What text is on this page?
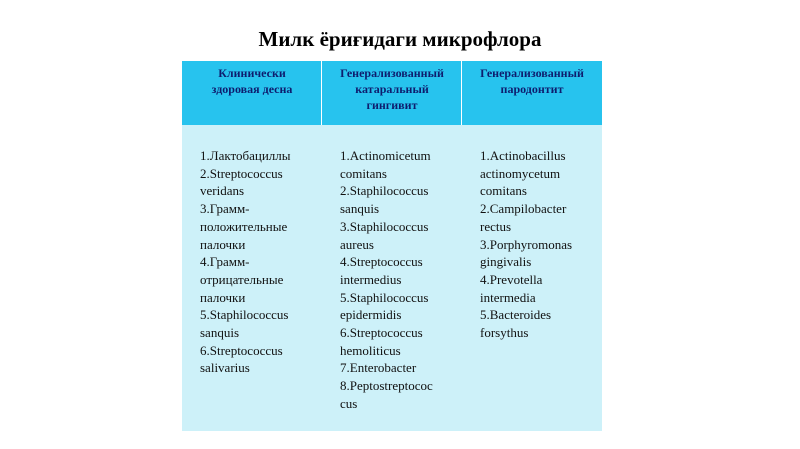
Милк ёриғидаги микрофлора
Клинически
здоровая десна
Генерализованный
катаральный
гингивит
Генерализованный
пародонтит
1.Лактобациллы
2.Streptococcus
veridans
3.Грамм-
положительные
палочки
4.Грамм-
отрицательные
палочки
5.Staphilococcus
sanquis
6.Streptococcus
salivarius
1.Actinomicetum
comitans
2.Staphilococcus
sanquis
3.Staphilococcus
aureus
4.Streptococcus
intermedius
5.Staphilococcus
epidermidis
6.Streptococcus
hemoliticus
7.Enterobacter
8.Peptostreptococ
cus
1.Actinobacillus
actinomycetum
comitans
2.Campilobacter
rectus
3.Porphyromonas
gingivalis
4.Prevotella
intermedia
5.Bacteroides
forsythus
